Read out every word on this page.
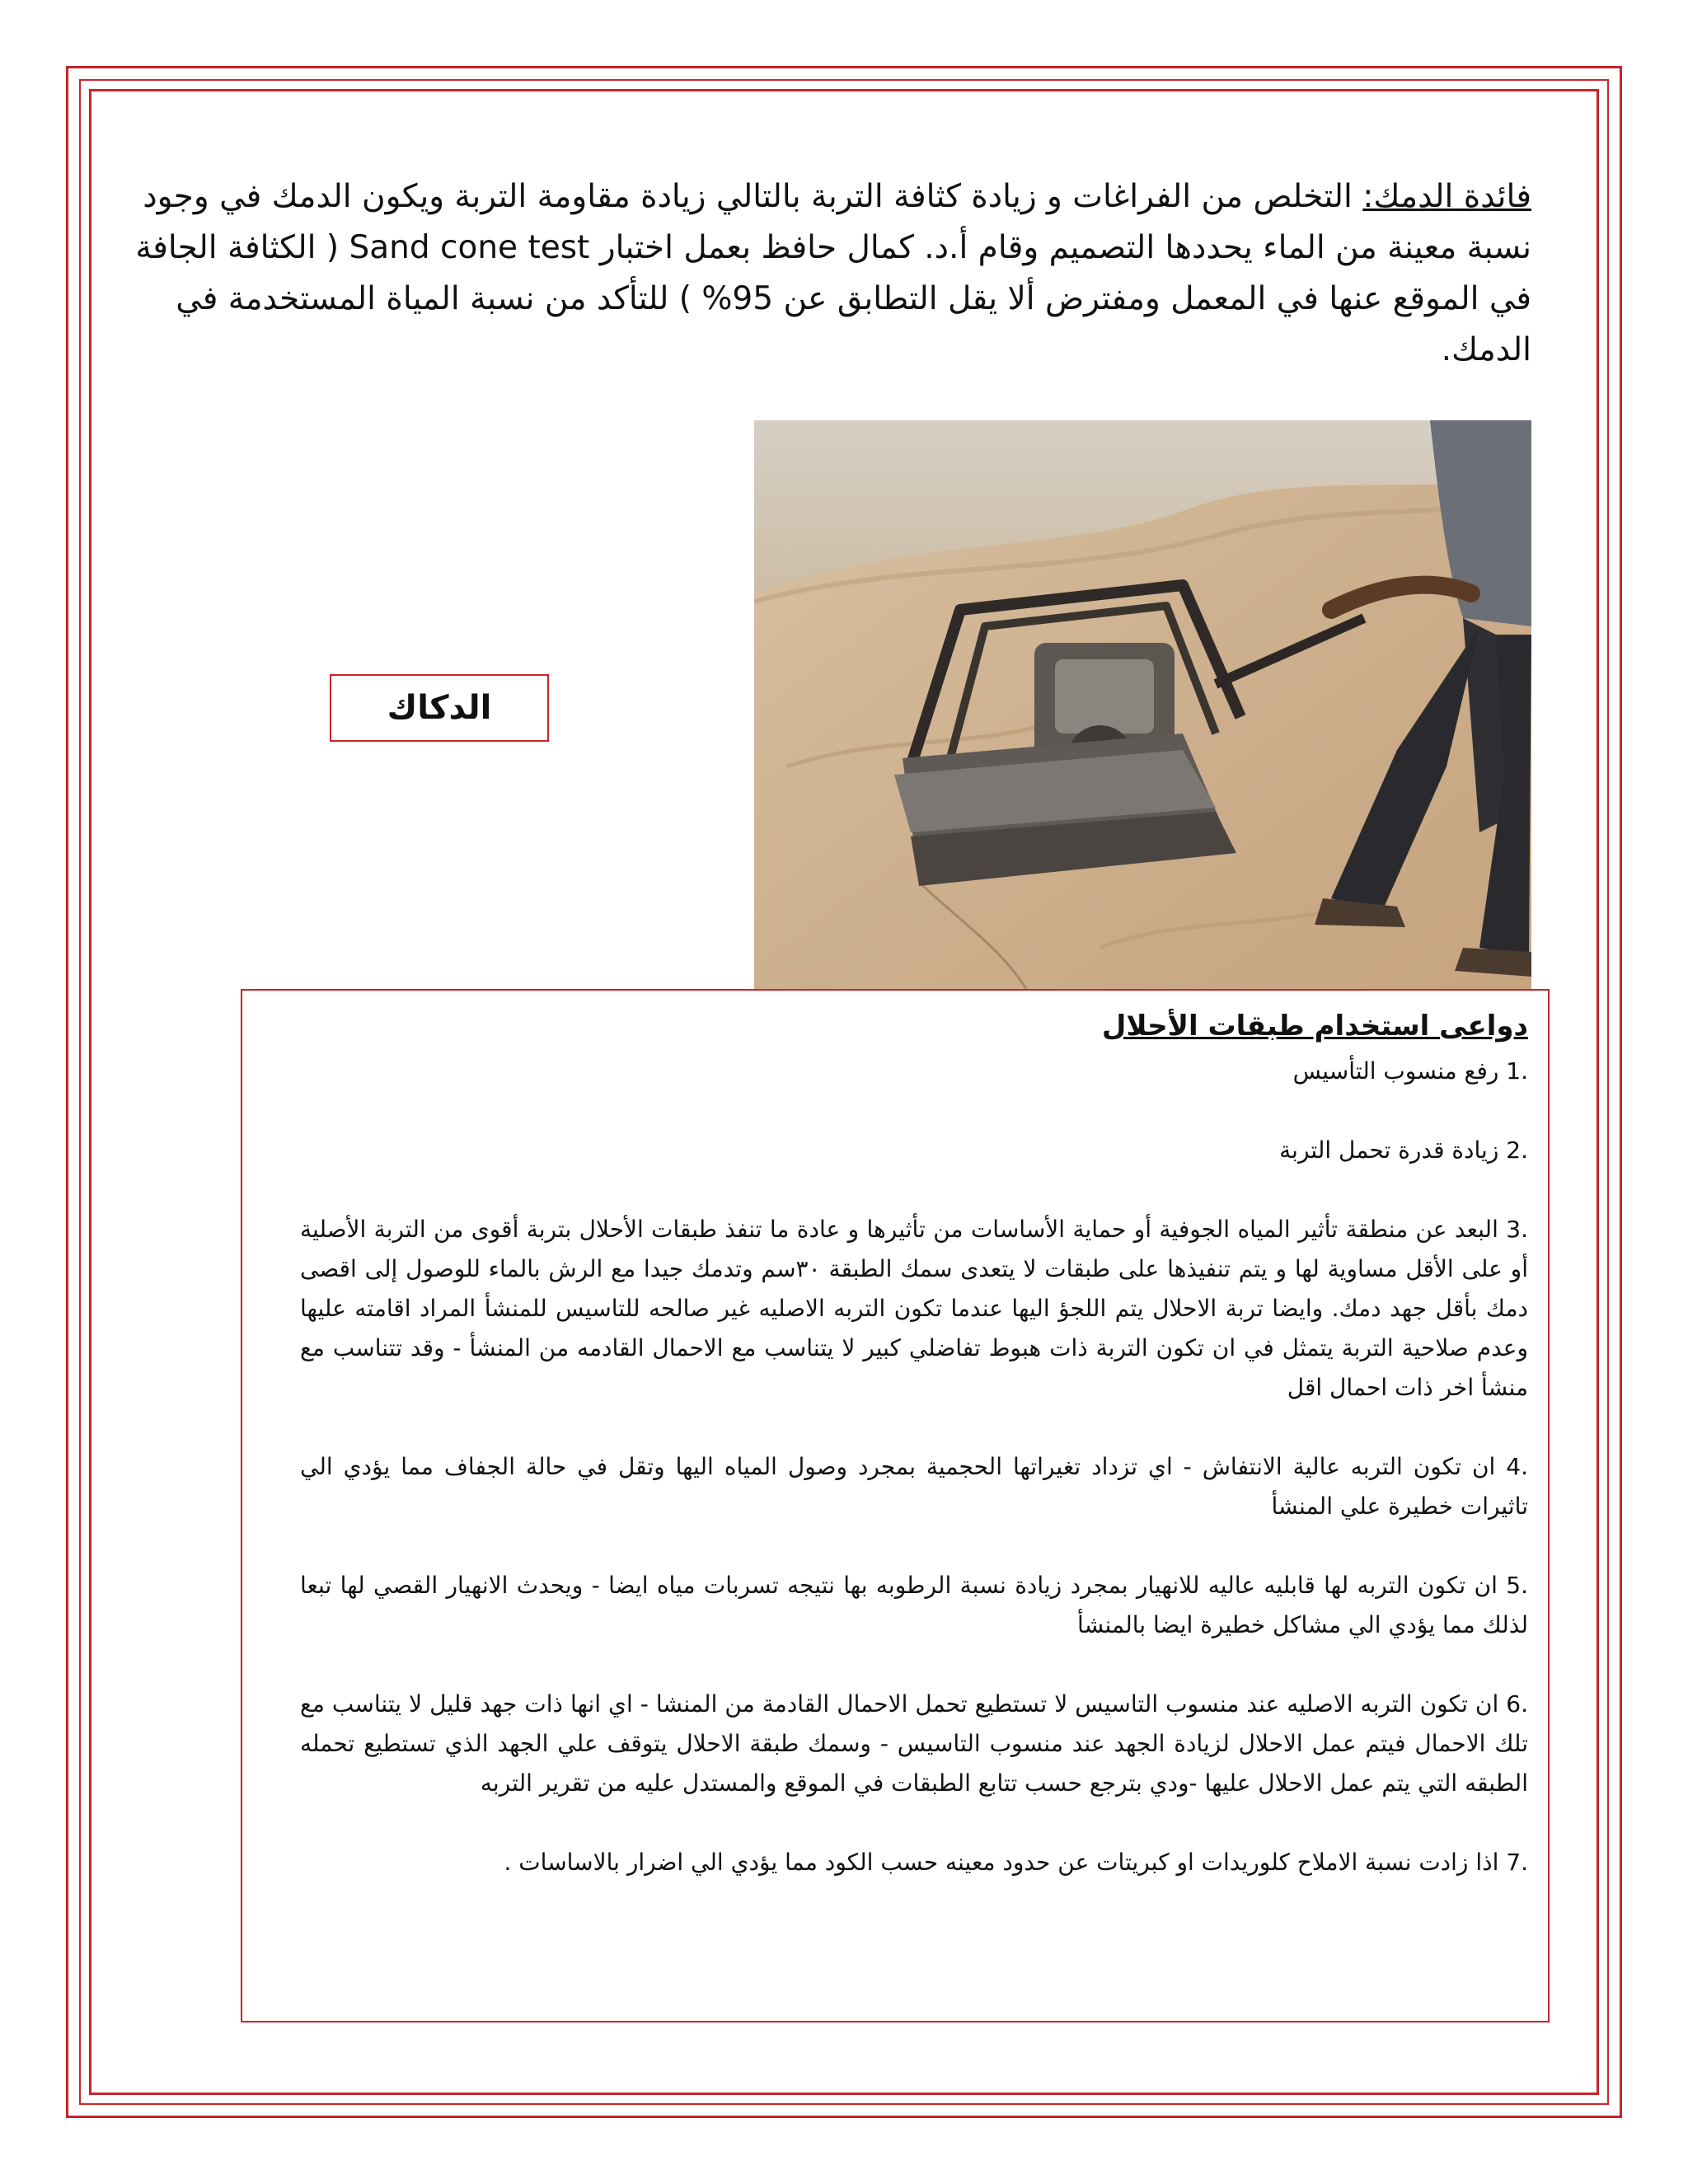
فائدة الدمك: التخلص من الفراغات و زيادة كثافة التربة بالتالي زيادة مقاومة التربة ويكون الدمك في وجود نسبة معينة من الماء يحددها التصميم وقام أ.د. كمال حافظ بعمل اختبار Sand cone test ( الكثافة الجافة في الموقع عنها في المعمل ومفترض ألا يقل التطابق عن 95% ) للتأكد من نسبة المياة المستخدمة في الدمك.

الدكاك
دواعى استخدام طبقات الأحلال
1. رفع منسوب التأسيس
2. زيادة قدرة تحمل التربة
3. البعد عن منطقة تأثير المياه الجوفية أو حماية الأساسات من تأثيرها و عادة ما تنفذ طبقات الأحلال بتربة أقوى من التربة الأصلية أو على الأقل مساوية لها و يتم تنفيذها على طبقات لا يتعدى سمك الطبقة ٣٠سم وتدمك جيدا مع الرش بالماء للوصول إلى اقصى دمك بأقل جهد دمك. وايضا تربة الاحلال يتم اللجؤ اليها عندما تكون التربه الاصليه غير صالحه للتاسيس للمنشأ المراد اقامته عليها وعدم صلاحية التربة يتمثل في ان تكون التربة ذات هبوط تفاضلي كبير لا يتناسب مع الاحمال القادمه من المنشأ - وقد تتناسب مع منشأ اخر ذات احمال اقل
4. ان تكون التربه عالية الانتفاش - اي تزداد تغيراتها الحجمية بمجرد وصول المياه اليها وتقل في حالة الجفاف مما يؤدي الي تاثيرات خطيرة علي المنشأ
5. ان تكون التربه لها قابليه عاليه للانهيار بمجرد زيادة نسبة الرطوبه بها نتيجه تسربات مياه ايضا - ويحدث الانهيار القصي لها تبعا لذلك مما يؤدي الي مشاكل خطيرة ايضا بالمنشأ
6. ان تكون التربه الاصليه عند منسوب التاسيس لا تستطيع تحمل الاحمال القادمة من المنشا - اي انها ذات جهد قليل لا يتناسب مع تلك الاحمال فيتم عمل الاحلال لزيادة الجهد عند منسوب التاسيس - وسمك طبقة الاحلال يتوقف علي الجهد الذي تستطيع تحمله الطبقه التي يتم عمل الاحلال عليها -ودي بترجع حسب تتابع الطبقات في الموقع والمستدل عليه من تقرير التربه
7. اذا زادت نسبة الاملاح كلوريدات او كبريتات عن حدود معينه حسب الكود مما يؤدي الي اضرار بالاساسات .
